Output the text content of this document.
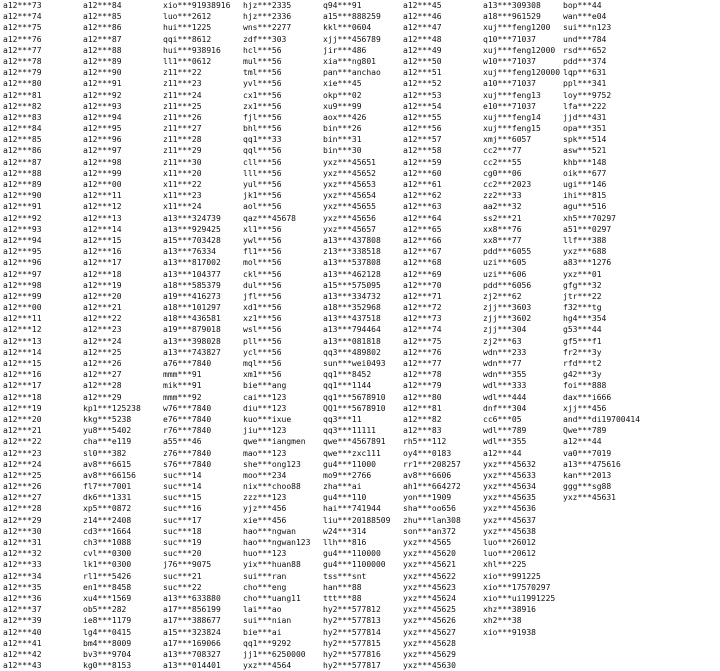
a12***73
a12***74
a12***75
a12***76
a12***77
a12***78
a12***79
a12***80
a12***81
a12***82
a12***83
a12***84
a12***85
a12***86
a12***87
a12***88
a12***89
a12***90
a12***91
a12***92
a12***93
a12***94
a12***95
a12***96
a12***97
a12***98
a12***99
a12***00
a12***11
a12***12
a12***13
a12***14
a12***15
a12***16
a12***17
a12***18
a12***19
a12***20
a12***21
a12***22
a12***23
a12***24
a12***25
a12***26
a12***27
a12***28
a12***29
a12***30
a12***31
a12***32
a12***33
a12***34
a12***35
a12***36
a12***37
a12***39
a12***40
a12***41
a12***42
a12***43
a12***84
a12***85
a12***86
a12***87
a12***88
a12***89
a12***90
a12***91
a12***92
a12***93
a12***94
a12***95
a12***96
a12***97
a12***98
a12***99
a12***00
a12***11
a12***12
a12***13
a12***14
a12***15
a12***16
a12***17
a12***18
a12***19
a12***20
a12***21
a12***22
a12***23
a12***24
a12***25
a12***26
a12***27
a12***28
a12***29
kp1***125238
kkg***5238
yu8***5402
cha***e119
sl0***382
av8***6615
av8***66156
fl7***7001
dk6***1331
xp5***0872
z14***2408
cd3***1664
ch3***1088
cvl***0300
lk1***0300
rl1***5426
en1***8458
xu4***1569
ob5***282
ie8***1179
lg4***0415
bm4***8009
bv3***9704
kg0***8153
xio***91938916
luo***2612
hui***1225
qqi***8612
hui***938916
ll1***0612
z11***22
z11***23
z11***24
z11***25
z11***26
z11***27
z11***28
z11***29
z11***30
x11***20
x11***22
x11***23
x11***24
a13***324739
a13***929425
a15***703428
a13***76334
a13***817002
a13***104377
a18***585379
a19***416273
a18***101297
a18***436581
a19***879018
a13***398028
a13***743827
a76***7840
mmm***91
mik***91
mmm***92
w76***7840
e76***7840
r76***7840
a55***46
z76***7840
s76***7840
suc***14
suc***14
suc***15
suc***16
suc***17
suc***18
suc***19
suc***20
j76***9075
suc***21
suc***22
a13***633880
a17***856199
a17***388677
a15***323824
a17***169066
a13***708327
a13***014401
hjz***2335
hjz***2336
wns***2277
zdf***303
hcl***56
mul***56
tml***56
yvl***56
cx1***56
zx1***56
fjl***56
bhl***56
qq1***33
qql***56
cll***56
lll***56
yul***56
jk1***56
aol***56
qaz***45678
xl1***56
ywl***56
fl1***56
mol***56
ckl***56
dul***56
jfl***56
xd1***56
xz1***56
wsl***56
pll***56
ycl***56
mql***56
xm1***56
bie***ang
cai***123
diu***123
kuo***ixue
jiu***123
qwe***iangmen
mao***123
she***ong123
moo***234
nix***choo88
zzz***123
yjz***456
xie***456
hao***ngwan
hao***ngwan123
huo***123
yix***huan88
sui***ran
cho***eng
cho***uang11
lai***ao
sui***nian
bie***ai
qq1***9292
jj1***6250000
yxz***4564
q94***91
a15***888259
kkl***0604
xjj***456789
jir***486
xia***ng801
pan***anchao
xie***45
okp***02
xu9***99
aox***426
bin***26
bin***31
bin***30
yxz***45651
yxz***45652
yxz***45653
yxz***45654
yxz***45655
yxz***45656
yxz***45657
a13***437808
z13***338518
a13***537808
a13***462128
a15***575095
a13***334732
a18***352968
a13***437518
a13***794464
a13***081818
qq3***489802
sun***wei0493
qq1***8452
qq1***1144
qq1***5678910
QQ1***5678910
qq3***11
qq3***11111
qwe***4567891
qwe***zxc111
gu4***11000
mo9***2766
zha***ai
gu4***110
hai***741944
liu***20188509
w24***314
llh***816
gu4***110000
gu4***1100000
tss***snt
han***88
ttt***88
hy2***577812
hy2***577813
hy2***577814
hy2***577815
hy2***577816
hy2***577817
a12***45
a12***46
a12***47
a12***48
a12***49
a12***50
a12***51
a12***52
a12***53
a12***54
a12***55
a12***56
a12***57
a12***58
a12***59
a12***60
a12***61
a12***62
a12***63
a12***64
a12***65
a12***66
a12***67
a12***68
a12***69
a12***70
a12***71
a12***72
a12***73
a12***74
a12***75
a12***76
a12***77
a12***78
a12***79
a12***80
a12***81
a12***82
a12***83
rh5***112
oy4***0183
rr1***208257
av8***6606
ah1***664272
yon***1909
sha***oo656
zhu***lan308
son***an372
yxz***4565
yxz***45620
yxz***45621
yxz***45622
yxz***45623
yxz***45624
yxz***45625
yxz***45626
yxz***45627
yxz***45628
yxz***45629
yxz***45630
a13***309308
a18***961529
xuj***feng1200
q10***71037
xuj***feng12000
w10***71037
xuj***feng120000
a10***71037
xuj***feng13
e10***71037
xuj***feng14
xuj***feng15
xmj***6057
cc2***77
cc2***55
cg0***06
cc2***2023
zz2***33
aa2***32
ss2***21
xx8***76
xx8***77
pdd***6055
uzi***605
uzi***606
pdd***6056
zj2***62
zjj***3603
zjj***3602
zjj***304
zj2***63
wdn***233
wdn***77
wdn***355
wdl***333
wdl***444
dnf***304
cc6***05
wdl***789
wdl***355
a12***44
yxz***45632
yxz***45633
yxz***45634
yxz***45635
yxz***45636
yxz***45637
yxz***45638
luo***26012
luo***20612
xhl***225
xio***991225
xio***17570297
xio***ui1991225
xhz***38916
xh2***38
xio***91938
bop***44
wan***e04
sui***n123
und***784
rsd***652
pdd***374
lqp***631
ppl***341
loy***9752
lfa***222
jjd***431
opa***351
spk***514
asw***521
khb***148
oik***677
ugi***146
ihi***815
agu***516
xh5***70297
a51***0297
llf***388
yxz***688
a83***1276
yxz***01
gfg***32
jtr***22
f32***tg
hg4***354
g53***44
gf5***f1
fr2***3y
rfd***t2
g42***3y
foi***888
dax***i666
xjj***456
and***di19700414
Qwe***789
a12***44
va0***7019
a13***475616
kan***2013
ggg***sg88
yxz***45631
